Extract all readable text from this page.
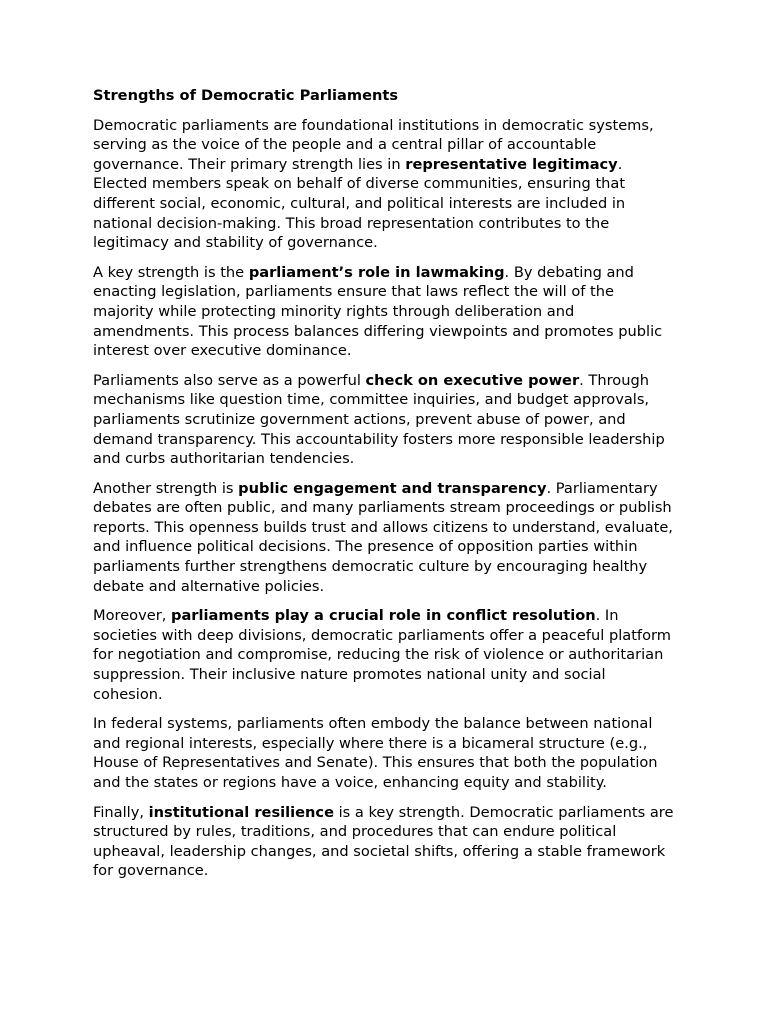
Strengths of Democratic Parliaments

Democratic parliaments are foundational institutions in democratic systems, serving as the voice of the people and a central pillar of accountable governance. Their primary strength lies in representative legitimacy. Elected members speak on behalf of diverse communities, ensuring that different social, economic, cultural, and political interests are included in national decision-making. This broad representation contributes to the legitimacy and stability of governance.

A key strength is the parliament’s role in lawmaking. By debating and enacting legislation, parliaments ensure that laws reflect the will of the majority while protecting minority rights through deliberation and amendments. This process balances differing viewpoints and promotes public interest over executive dominance.

Parliaments also serve as a powerful check on executive power. Through mechanisms like question time, committee inquiries, and budget approvals, parliaments scrutinize government actions, prevent abuse of power, and demand transparency. This accountability fosters more responsible leadership and curbs authoritarian tendencies.

Another strength is public engagement and transparency. Parliamentary debates are often public, and many parliaments stream proceedings or publish reports. This openness builds trust and allows citizens to understand, evaluate, and influence political decisions. The presence of opposition parties within parliaments further strengthens democratic culture by encouraging healthy debate and alternative policies.

Moreover, parliaments play a crucial role in conflict resolution. In societies with deep divisions, democratic parliaments offer a peaceful platform for negotiation and compromise, reducing the risk of violence or authoritarian suppression. Their inclusive nature promotes national unity and social cohesion.

In federal systems, parliaments often embody the balance between national and regional interests, especially where there is a bicameral structure (e.g., House of Representatives and Senate). This ensures that both the population and the states or regions have a voice, enhancing equity and stability.

Finally, institutional resilience is a key strength. Democratic parliaments are structured by rules, traditions, and procedures that can endure political upheaval, leadership changes, and societal shifts, offering a stable framework for governance.
